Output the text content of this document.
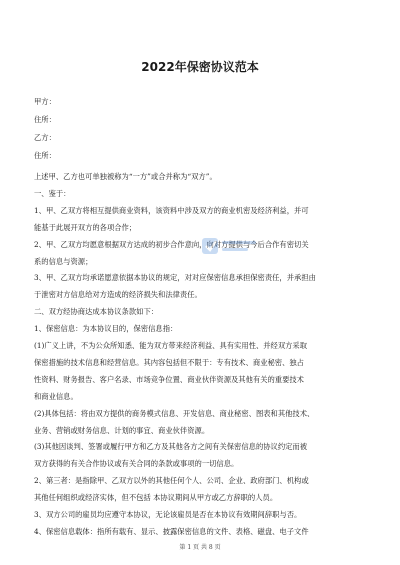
2022年保密协议范本
甲方：
住所：
乙方：
住所：
上述甲、乙方也可单独被称为“一方”或合并称为“双方”。
一、鉴于：
1、甲、乙双方将相互提供商业资料，该资料中涉及双方的商业机密及经济利益，并可
能基于此展开双方的各项合作；
2、甲、乙双方均愿意根据双方达成的初步合作意向，向对方提供与今后合作有密切关
系的信息与资源；
3、甲、乙双方均承诺愿意依据本协议的规定，对对应保密信息承担保密责任，并承担由
于泄密对方信息给对方造成的经济损失和法律责任。
二、双方经协商达成本协议条款如下：
1、保密信息：为本协议目的，保密信息指：
(1)广义上讲，不为公众所知悉、能为双方带来经济利益、具有实用性、并经双方采取
保密措施的技术信息和经营信息。其内容包括但不限于：专有技术、商业秘密、独占
性资料、财务报告、客户名录、市场竞争位置、商业伙伴资源及其他有关的重要技术
和商业信息。
(2)具体包括：将由双方提供的商务模式信息、开发信息、商业秘密、图表和其他技术、
业务、营销或财务信息、计划的事宜、商业伙伴资源。
(3)其他因谈判、签署或履行甲方和乙方及其他各方之间有关保密信息的协议约定而被
双方获得的有关合作协议或有关合同的条款或事项的一切信息。
2、第三者：是指除甲、乙双方以外的其他任何个人、公司、企业、政府部门、机构或
其他任何组织或经济实体，但不包括 本协议期间从甲方或乙方辞职的人员。
3、双方公司的雇员均应遵守本协议，无论该雇员是否在本协议有效期间辞职与否。
4、保密信息载体：指所有载有、显示、披露保密信息的文件、表格、磁盘、电子文件
第 1 页 共 8 页
